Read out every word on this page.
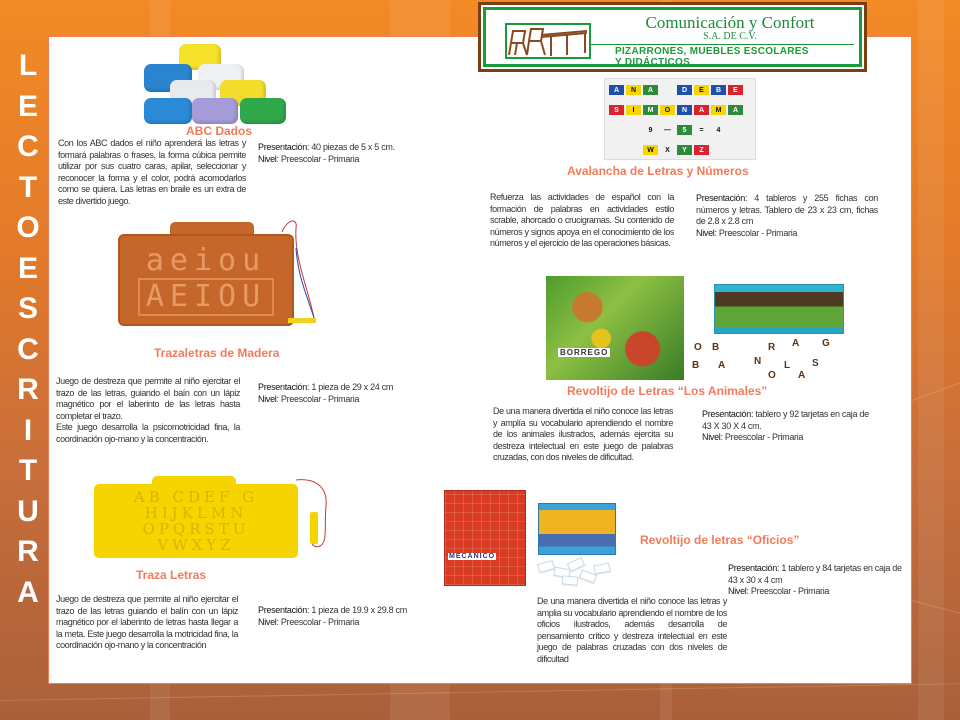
L
E
C
T
O
E
S
C
R
I
T
U
R
A
Comunicación y Confort
S.A. DE C.V.
PIZARRONES, MUEBLES ESCOLARES
Y DIDÁCTICOS
ABC Dados
Con los ABC dados el niño aprenderá las letras y formará palabras o frases, la forma cúbica permite utilizar por sus cuatro caras, apilar, seleccionar y reconocer la forma y el color, podrá acomodarlos como se quiera. Las letras en braile es un extra de este divertido juego.
Presentación: 40 piezas de 5 x 5 cm.
Nivel: Preescolar - Primaria
A	N	A	D	E	B	E
S	I	M	O	N	A	M	A
9	—	5	=	4
W	X	Y	Z
Avalancha de Letras y Números
Refuerza las actividades de español con la formación de palabras en actividades estilo scrable, ahorcado o crucigramas. Su contenido de números y signos apoya en el conocimiento de los números y el ejercicio de las operaciones básicas.
Presentación: 4 tableros y 255 fichas con números y letras. Tablero de 23 x 23 cm, fichas de 2.8 x 2.8 cm
Nivel: Preescolar - Primaria
aeiou
AEIOU
Trazaletras de Madera
Juego de destreza que permite al niño ejercitar el trazo de las letras, guiando el baín con un lápiz magnético por el laberinto de las letras hasta completar el trazo.
Este juego desarrolla la psicomotricidad fina, la coordinación ojo-mano y la concentración.
Presentación: 1 pieza de 29 x 24 cm
Nivel: Preescolar - Primaria
BORREGO	O B	R A G
B A	N L S
O A
Revoltijo de Letras “Los Animales”
De una manera divertida el niño conoce las letras y amplía su vocabulario aprendiendo el nombre de los animales ilustrados, además ejercita su destreza intelectual en este juego de palabras cruzadas, con dos niveles de dificultad.
Presentación: tablero y 92 tarjetas en caja de 43 X 30 X 4 cm.
Nivel: Preescolar - Primaria
AB CDEF G
HIJKLMN
OPQRSTU
VWXYZ
Traza Letras
Juego de destreza que permite al niño ejercitar el trazo de las letras guiando el balín con un lápiz magnético por el laberinto de letras hasta llegar a la meta. Este juego desarrolla la motricidad fina, la coordinación ojo-mano y la concentración
Presentación: 1 pieza de 19.9 x 29.8 cm
Nivel: Preescolar - Primaria
MECANICO
Revoltijo de letras “Oficios”
Presentación: 1 tablero y 84 tarjetas en caja de 43 x 30 x 4 cm
Nivel: Preescolar - Primaria
De una manera divertida el niño conoce las letras y amplia su vocabulario aprendiendo el nombre de los oficios ilustrados, además desarrolla de pensamiento crítico y destreza intelectual en este juego de palabras cruzadas con dos niveles de dificultad
